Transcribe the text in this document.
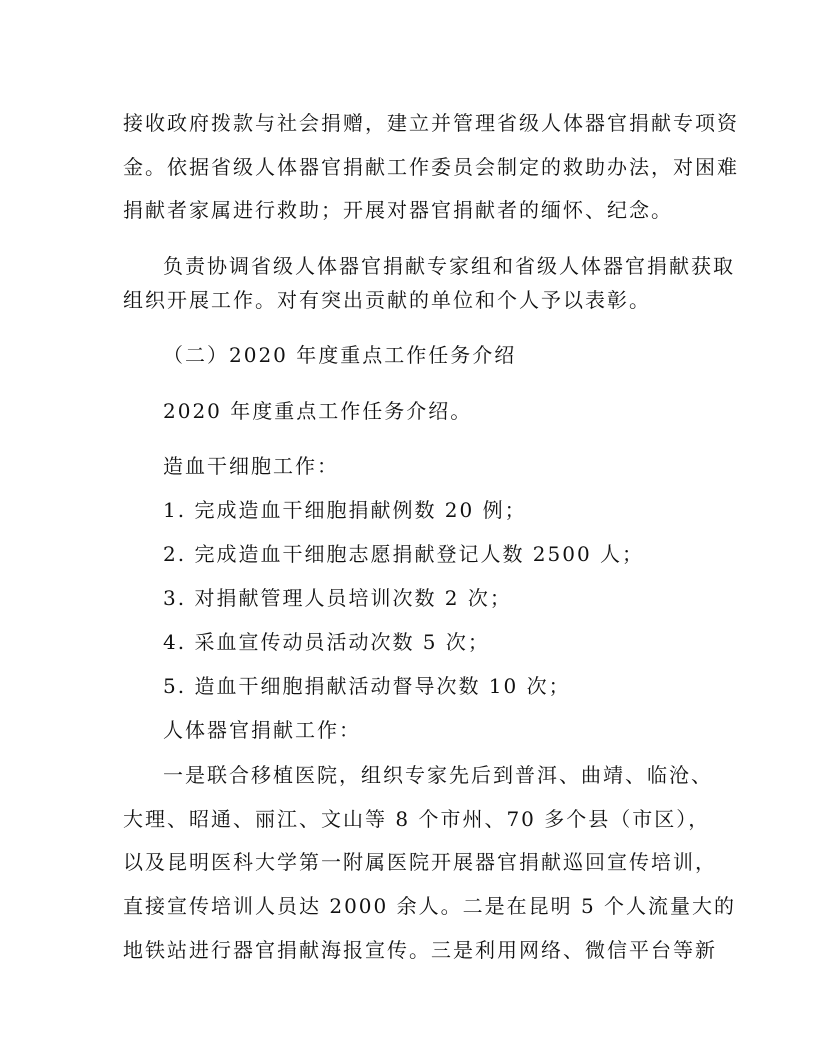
接收政府拨款与社会捐赠，建立并管理省级人体器官捐献专项资
金。依据省级人体器官捐献工作委员会制定的救助办法，对困难
捐献者家属进行救助；开展对器官捐献者的缅怀、纪念。
负责协调省级人体器官捐献专家组和省级人体器官捐献获取
组织开展工作。对有突出贡献的单位和个人予以表彰。
（二）2020 年度重点工作任务介绍
2020 年度重点工作任务介绍。
造血干细胞工作：
1. 完成造血干细胞捐献例数 20 例；
2. 完成造血干细胞志愿捐献登记人数 2500 人；
3. 对捐献管理人员培训次数 2 次；
4. 采血宣传动员活动次数 5 次；
5. 造血干细胞捐献活动督导次数 10 次；
人体器官捐献工作：
一是联合移植医院，组织专家先后到普洱、曲靖、临沧、
大理、昭通、丽江、文山等 8 个市州、70 多个县（市区），
以及昆明医科大学第一附属医院开展器官捐献巡回宣传培训，
直接宣传培训人员达 2000 余人。二是在昆明 5 个人流量大的
地铁站进行器官捐献海报宣传。三是利用网络、微信平台等新
